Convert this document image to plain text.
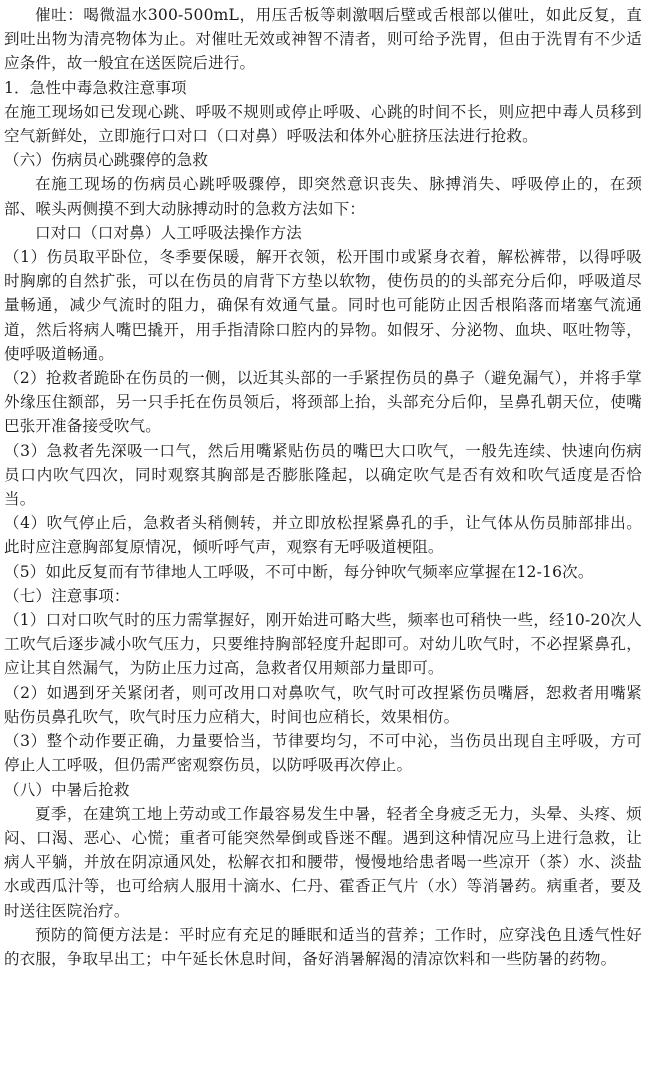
催吐：喝微温水300-500mL，用压舌板等刺激咽后壁或舌根部以催吐，如此反复，直到吐出物为清亮物体为止。对催吐无效或神智不清者，则可给予洗胃，但由于洗胃有不少适应条件，故一般宜在送医院后进行。

1．急性中毒急救注意事项

在施工现场如已发现心跳、呼吸不规则或停止呼吸、心跳的时间不长，则应把中毒人员移到空气新鲜处，立即施行口对口（口对鼻）呼吸法和体外心脏挤压法进行抢救。

（六）伤病员心跳骤停的急救

在施工现场的伤病员心跳呼吸骤停，即突然意识丧失、脉搏消失、呼吸停止的，在颈部、喉头两侧摸不到大动脉搏动时的急救方法如下：

口对口（口对鼻）人工呼吸法操作方法

（1）伤员取平卧位，冬季要保暖，解开衣领，松开围巾或紧身衣着，解松裤带，以得呼吸时胸廓的自然扩张，可以在伤员的肩背下方垫以软物，使伤员的的头部充分后仰，呼吸道尽量畅通，减少气流时的阻力，确保有效通气量。同时也可能防止因舌根陷落而堵塞气流通道，然后将病人嘴巴撬开，用手指清除口腔内的异物。如假牙、分泌物、血块、呕吐物等，使呼吸道畅通。

（2）抢救者跪卧在伤员的一侧，以近其头部的一手紧捏伤员的鼻子（避免漏气），并将手掌外缘压住额部，另一只手托在伤员领后，将颈部上抬，头部充分后仰，呈鼻孔朝天位，使嘴巴张开准备接受吹气。

（3）急救者先深吸一口气，然后用嘴紧贴伤员的嘴巴大口吹气，一般先连续、快速向伤病员口内吹气四次，同时观察其胸部是否膨胀隆起，以确定吹气是否有效和吹气适度是否恰当。

（4）吹气停止后，急救者头稍侧转，并立即放松捏紧鼻孔的手，让气体从伤员肺部排出。此时应注意胸部复原情况，倾听呼气声，观察有无呼吸道梗阻。

（5）如此反复而有节律地人工呼吸，不可中断，每分钟吹气频率应掌握在12-16次。

（七）注意事项：

（1）口对口吹气时的压力需掌握好，刚开始进可略大些，频率也可稍快一些，经10-20次人工吹气后逐步减小吹气压力，只要维持胸部轻度升起即可。对幼儿吹气时，不必捏紧鼻孔，应让其自然漏气，为防止压力过高，急救者仅用颊部力量即可。

（2）如遇到牙关紧闭者，则可改用口对鼻吹气，吹气时可改捏紧伤员嘴唇，恕救者用嘴紧贴伤员鼻孔吹气，吹气时压力应稍大，时间也应稍长，效果相仿。

（3）整个动作要正确，力量要恰当，节律要均匀，不可中沁，当伤员出现自主呼吸，方可停止人工呼吸，但仍需严密观察伤员，以防呼吸再次停止。

（八）中暑后抢救

夏季，在建筑工地上劳动或工作最容易发生中暑，轻者全身疲乏无力，头晕、头疼、烦闷、口渴、恶心、心慌；重者可能突然晕倒或昏迷不醒。遇到这种情况应马上进行急救，让病人平躺，并放在阴凉通风处，松解衣扣和腰带，慢慢地给患者喝一些凉开（茶）水、淡盐水或西瓜汁等，也可给病人服用十滴水、仁丹、霍香正气片（水）等消暑药。病重者，要及时送往医院治疗。

预防的简便方法是：平时应有充足的睡眠和适当的营养；工作时，应穿浅色且透气性好的衣服，争取早出工；中午延长休息时间，备好消暑解渴的清凉饮料和一些防暑的药物。
